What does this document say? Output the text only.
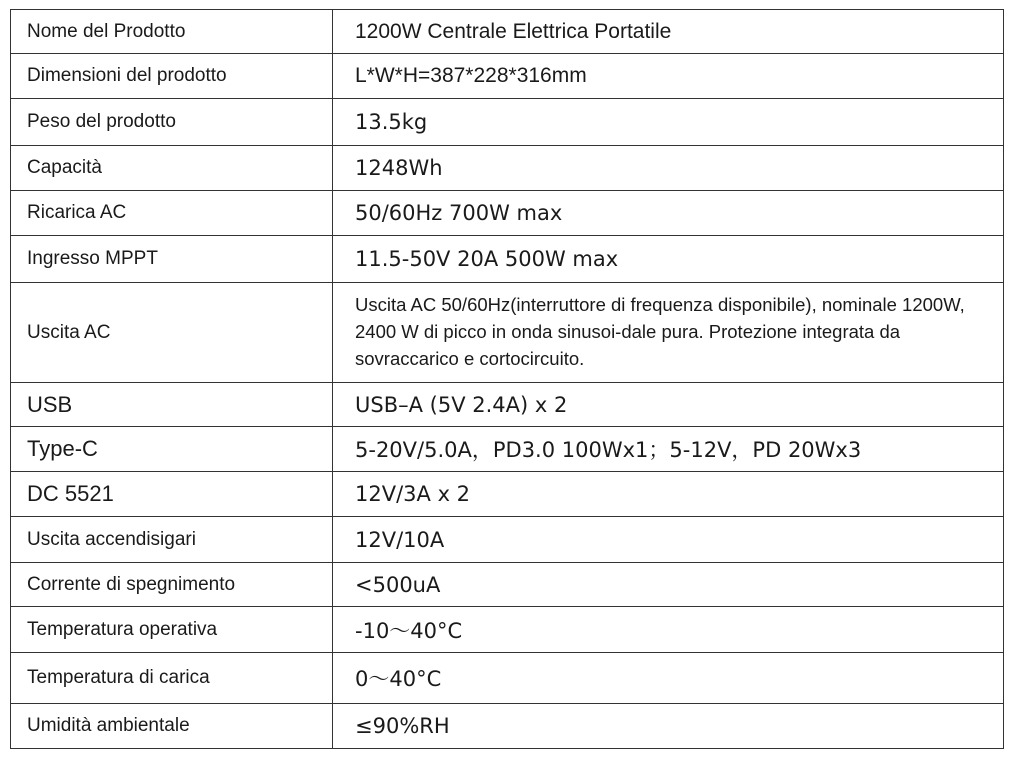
Nome del Prodotto	1200W Centrale Elettrica Portatile
Dimensioni del prodotto	L*W*H=387*228*316mm
Peso del prodotto	13.5kg
Capacità	1248Wh
Ricarica AC	50/60Hz 700W max
Ingresso MPPT	11.5-50V 20A 500W max
Uscita AC	Uscita AC 50/60Hz(interruttore di frequenza disponibile), nominale 1200W, 2400 W di picco in onda sinusoi-dale pura. Protezione integrata da sovraccarico e cortocircuito.
USB	USB–A (5V 2.4A) x 2
Type-C	5-20V/5.0A，PD3.0 100Wx1；5-12V，PD 20Wx3
DC 5521	12V/3A x 2
Uscita accendisigari	12V/10A
Corrente di spegnimento	<500uA
Temperatura operativa	-10～40°C
Temperatura di carica	0～40°C
Umidità ambientale	≤90%RH
